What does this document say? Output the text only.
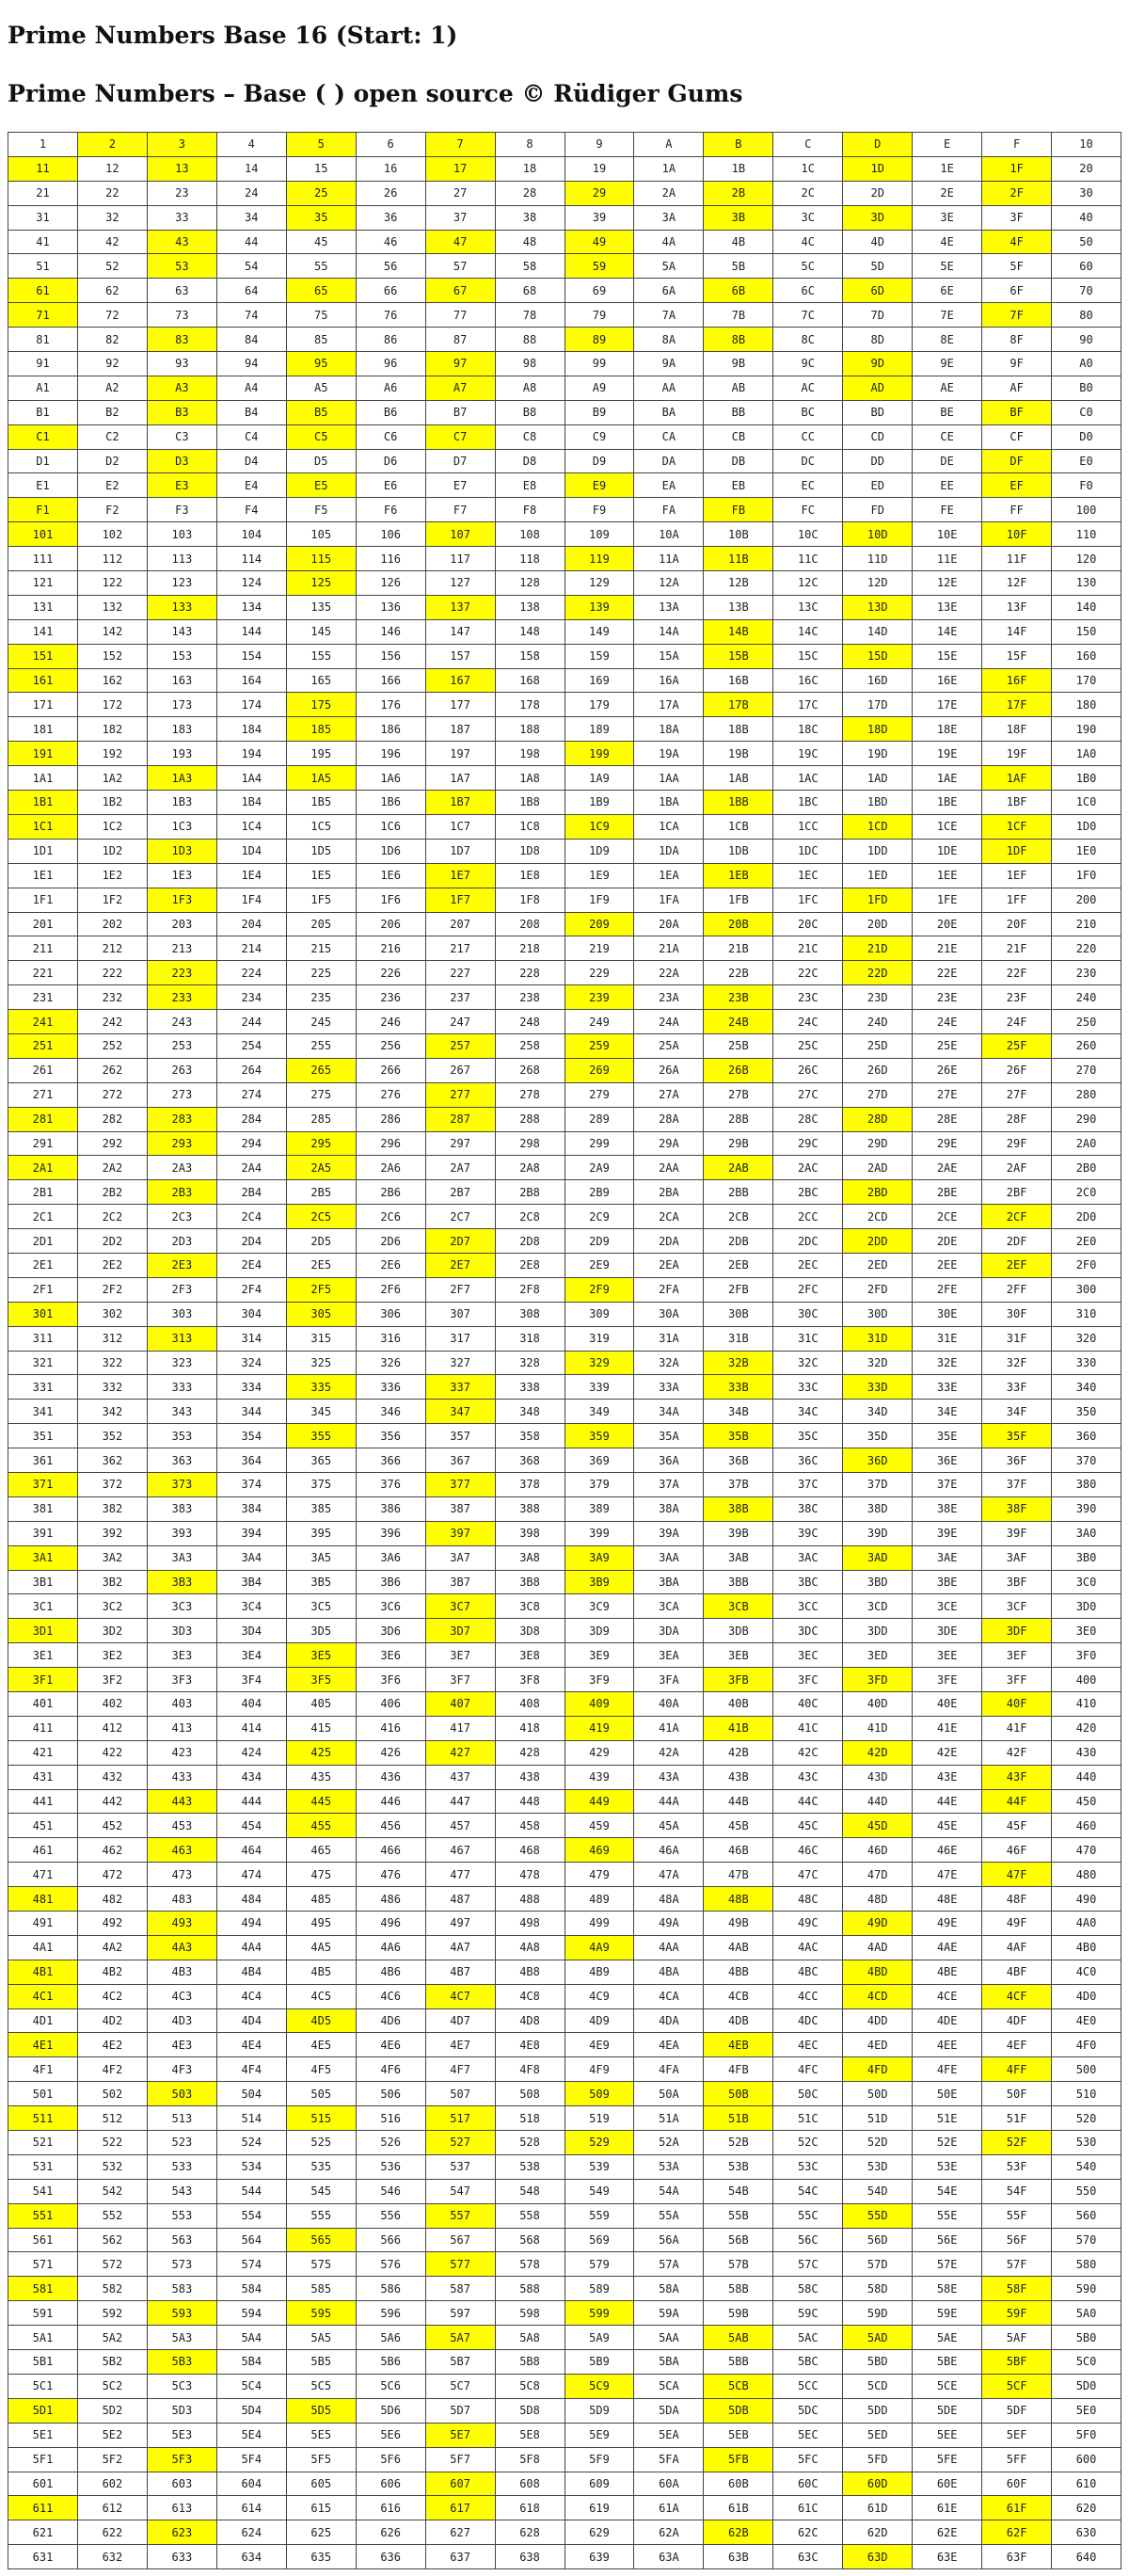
Prime Numbers Base 16 (Start: 1)
Prime Numbers – Base ( ) open source © Rüdiger Gums
1	2	3	4	5	6	7	8	9	A	B	C	D	E	F	10
11	12	13	14	15	16	17	18	19	1A	1B	1C	1D	1E	1F	20
21	22	23	24	25	26	27	28	29	2A	2B	2C	2D	2E	2F	30
31	32	33	34	35	36	37	38	39	3A	3B	3C	3D	3E	3F	40
41	42	43	44	45	46	47	48	49	4A	4B	4C	4D	4E	4F	50
51	52	53	54	55	56	57	58	59	5A	5B	5C	5D	5E	5F	60
61	62	63	64	65	66	67	68	69	6A	6B	6C	6D	6E	6F	70
71	72	73	74	75	76	77	78	79	7A	7B	7C	7D	7E	7F	80
81	82	83	84	85	86	87	88	89	8A	8B	8C	8D	8E	8F	90
91	92	93	94	95	96	97	98	99	9A	9B	9C	9D	9E	9F	A0
A1	A2	A3	A4	A5	A6	A7	A8	A9	AA	AB	AC	AD	AE	AF	B0
B1	B2	B3	B4	B5	B6	B7	B8	B9	BA	BB	BC	BD	BE	BF	C0
C1	C2	C3	C4	C5	C6	C7	C8	C9	CA	CB	CC	CD	CE	CF	D0
D1	D2	D3	D4	D5	D6	D7	D8	D9	DA	DB	DC	DD	DE	DF	E0
E1	E2	E3	E4	E5	E6	E7	E8	E9	EA	EB	EC	ED	EE	EF	F0
F1	F2	F3	F4	F5	F6	F7	F8	F9	FA	FB	FC	FD	FE	FF	100
101	102	103	104	105	106	107	108	109	10A	10B	10C	10D	10E	10F	110
111	112	113	114	115	116	117	118	119	11A	11B	11C	11D	11E	11F	120
121	122	123	124	125	126	127	128	129	12A	12B	12C	12D	12E	12F	130
131	132	133	134	135	136	137	138	139	13A	13B	13C	13D	13E	13F	140
141	142	143	144	145	146	147	148	149	14A	14B	14C	14D	14E	14F	150
151	152	153	154	155	156	157	158	159	15A	15B	15C	15D	15E	15F	160
161	162	163	164	165	166	167	168	169	16A	16B	16C	16D	16E	16F	170
171	172	173	174	175	176	177	178	179	17A	17B	17C	17D	17E	17F	180
181	182	183	184	185	186	187	188	189	18A	18B	18C	18D	18E	18F	190
191	192	193	194	195	196	197	198	199	19A	19B	19C	19D	19E	19F	1A0
1A1	1A2	1A3	1A4	1A5	1A6	1A7	1A8	1A9	1AA	1AB	1AC	1AD	1AE	1AF	1B0
1B1	1B2	1B3	1B4	1B5	1B6	1B7	1B8	1B9	1BA	1BB	1BC	1BD	1BE	1BF	1C0
1C1	1C2	1C3	1C4	1C5	1C6	1C7	1C8	1C9	1CA	1CB	1CC	1CD	1CE	1CF	1D0
1D1	1D2	1D3	1D4	1D5	1D6	1D7	1D8	1D9	1DA	1DB	1DC	1DD	1DE	1DF	1E0
1E1	1E2	1E3	1E4	1E5	1E6	1E7	1E8	1E9	1EA	1EB	1EC	1ED	1EE	1EF	1F0
1F1	1F2	1F3	1F4	1F5	1F6	1F7	1F8	1F9	1FA	1FB	1FC	1FD	1FE	1FF	200
201	202	203	204	205	206	207	208	209	20A	20B	20C	20D	20E	20F	210
211	212	213	214	215	216	217	218	219	21A	21B	21C	21D	21E	21F	220
221	222	223	224	225	226	227	228	229	22A	22B	22C	22D	22E	22F	230
231	232	233	234	235	236	237	238	239	23A	23B	23C	23D	23E	23F	240
241	242	243	244	245	246	247	248	249	24A	24B	24C	24D	24E	24F	250
251	252	253	254	255	256	257	258	259	25A	25B	25C	25D	25E	25F	260
261	262	263	264	265	266	267	268	269	26A	26B	26C	26D	26E	26F	270
271	272	273	274	275	276	277	278	279	27A	27B	27C	27D	27E	27F	280
281	282	283	284	285	286	287	288	289	28A	28B	28C	28D	28E	28F	290
291	292	293	294	295	296	297	298	299	29A	29B	29C	29D	29E	29F	2A0
2A1	2A2	2A3	2A4	2A5	2A6	2A7	2A8	2A9	2AA	2AB	2AC	2AD	2AE	2AF	2B0
2B1	2B2	2B3	2B4	2B5	2B6	2B7	2B8	2B9	2BA	2BB	2BC	2BD	2BE	2BF	2C0
2C1	2C2	2C3	2C4	2C5	2C6	2C7	2C8	2C9	2CA	2CB	2CC	2CD	2CE	2CF	2D0
2D1	2D2	2D3	2D4	2D5	2D6	2D7	2D8	2D9	2DA	2DB	2DC	2DD	2DE	2DF	2E0
2E1	2E2	2E3	2E4	2E5	2E6	2E7	2E8	2E9	2EA	2EB	2EC	2ED	2EE	2EF	2F0
2F1	2F2	2F3	2F4	2F5	2F6	2F7	2F8	2F9	2FA	2FB	2FC	2FD	2FE	2FF	300
301	302	303	304	305	306	307	308	309	30A	30B	30C	30D	30E	30F	310
311	312	313	314	315	316	317	318	319	31A	31B	31C	31D	31E	31F	320
321	322	323	324	325	326	327	328	329	32A	32B	32C	32D	32E	32F	330
331	332	333	334	335	336	337	338	339	33A	33B	33C	33D	33E	33F	340
341	342	343	344	345	346	347	348	349	34A	34B	34C	34D	34E	34F	350
351	352	353	354	355	356	357	358	359	35A	35B	35C	35D	35E	35F	360
361	362	363	364	365	366	367	368	369	36A	36B	36C	36D	36E	36F	370
371	372	373	374	375	376	377	378	379	37A	37B	37C	37D	37E	37F	380
381	382	383	384	385	386	387	388	389	38A	38B	38C	38D	38E	38F	390
391	392	393	394	395	396	397	398	399	39A	39B	39C	39D	39E	39F	3A0
3A1	3A2	3A3	3A4	3A5	3A6	3A7	3A8	3A9	3AA	3AB	3AC	3AD	3AE	3AF	3B0
3B1	3B2	3B3	3B4	3B5	3B6	3B7	3B8	3B9	3BA	3BB	3BC	3BD	3BE	3BF	3C0
3C1	3C2	3C3	3C4	3C5	3C6	3C7	3C8	3C9	3CA	3CB	3CC	3CD	3CE	3CF	3D0
3D1	3D2	3D3	3D4	3D5	3D6	3D7	3D8	3D9	3DA	3DB	3DC	3DD	3DE	3DF	3E0
3E1	3E2	3E3	3E4	3E5	3E6	3E7	3E8	3E9	3EA	3EB	3EC	3ED	3EE	3EF	3F0
3F1	3F2	3F3	3F4	3F5	3F6	3F7	3F8	3F9	3FA	3FB	3FC	3FD	3FE	3FF	400
401	402	403	404	405	406	407	408	409	40A	40B	40C	40D	40E	40F	410
411	412	413	414	415	416	417	418	419	41A	41B	41C	41D	41E	41F	420
421	422	423	424	425	426	427	428	429	42A	42B	42C	42D	42E	42F	430
431	432	433	434	435	436	437	438	439	43A	43B	43C	43D	43E	43F	440
441	442	443	444	445	446	447	448	449	44A	44B	44C	44D	44E	44F	450
451	452	453	454	455	456	457	458	459	45A	45B	45C	45D	45E	45F	460
461	462	463	464	465	466	467	468	469	46A	46B	46C	46D	46E	46F	470
471	472	473	474	475	476	477	478	479	47A	47B	47C	47D	47E	47F	480
481	482	483	484	485	486	487	488	489	48A	48B	48C	48D	48E	48F	490
491	492	493	494	495	496	497	498	499	49A	49B	49C	49D	49E	49F	4A0
4A1	4A2	4A3	4A4	4A5	4A6	4A7	4A8	4A9	4AA	4AB	4AC	4AD	4AE	4AF	4B0
4B1	4B2	4B3	4B4	4B5	4B6	4B7	4B8	4B9	4BA	4BB	4BC	4BD	4BE	4BF	4C0
4C1	4C2	4C3	4C4	4C5	4C6	4C7	4C8	4C9	4CA	4CB	4CC	4CD	4CE	4CF	4D0
4D1	4D2	4D3	4D4	4D5	4D6	4D7	4D8	4D9	4DA	4DB	4DC	4DD	4DE	4DF	4E0
4E1	4E2	4E3	4E4	4E5	4E6	4E7	4E8	4E9	4EA	4EB	4EC	4ED	4EE	4EF	4F0
4F1	4F2	4F3	4F4	4F5	4F6	4F7	4F8	4F9	4FA	4FB	4FC	4FD	4FE	4FF	500
501	502	503	504	505	506	507	508	509	50A	50B	50C	50D	50E	50F	510
511	512	513	514	515	516	517	518	519	51A	51B	51C	51D	51E	51F	520
521	522	523	524	525	526	527	528	529	52A	52B	52C	52D	52E	52F	530
531	532	533	534	535	536	537	538	539	53A	53B	53C	53D	53E	53F	540
541	542	543	544	545	546	547	548	549	54A	54B	54C	54D	54E	54F	550
551	552	553	554	555	556	557	558	559	55A	55B	55C	55D	55E	55F	560
561	562	563	564	565	566	567	568	569	56A	56B	56C	56D	56E	56F	570
571	572	573	574	575	576	577	578	579	57A	57B	57C	57D	57E	57F	580
581	582	583	584	585	586	587	588	589	58A	58B	58C	58D	58E	58F	590
591	592	593	594	595	596	597	598	599	59A	59B	59C	59D	59E	59F	5A0
5A1	5A2	5A3	5A4	5A5	5A6	5A7	5A8	5A9	5AA	5AB	5AC	5AD	5AE	5AF	5B0
5B1	5B2	5B3	5B4	5B5	5B6	5B7	5B8	5B9	5BA	5BB	5BC	5BD	5BE	5BF	5C0
5C1	5C2	5C3	5C4	5C5	5C6	5C7	5C8	5C9	5CA	5CB	5CC	5CD	5CE	5CF	5D0
5D1	5D2	5D3	5D4	5D5	5D6	5D7	5D8	5D9	5DA	5DB	5DC	5DD	5DE	5DF	5E0
5E1	5E2	5E3	5E4	5E5	5E6	5E7	5E8	5E9	5EA	5EB	5EC	5ED	5EE	5EF	5F0
5F1	5F2	5F3	5F4	5F5	5F6	5F7	5F8	5F9	5FA	5FB	5FC	5FD	5FE	5FF	600
601	602	603	604	605	606	607	608	609	60A	60B	60C	60D	60E	60F	610
611	612	613	614	615	616	617	618	619	61A	61B	61C	61D	61E	61F	620
621	622	623	624	625	626	627	628	629	62A	62B	62C	62D	62E	62F	630
631	632	633	634	635	636	637	638	639	63A	63B	63C	63D	63E	63F	640
